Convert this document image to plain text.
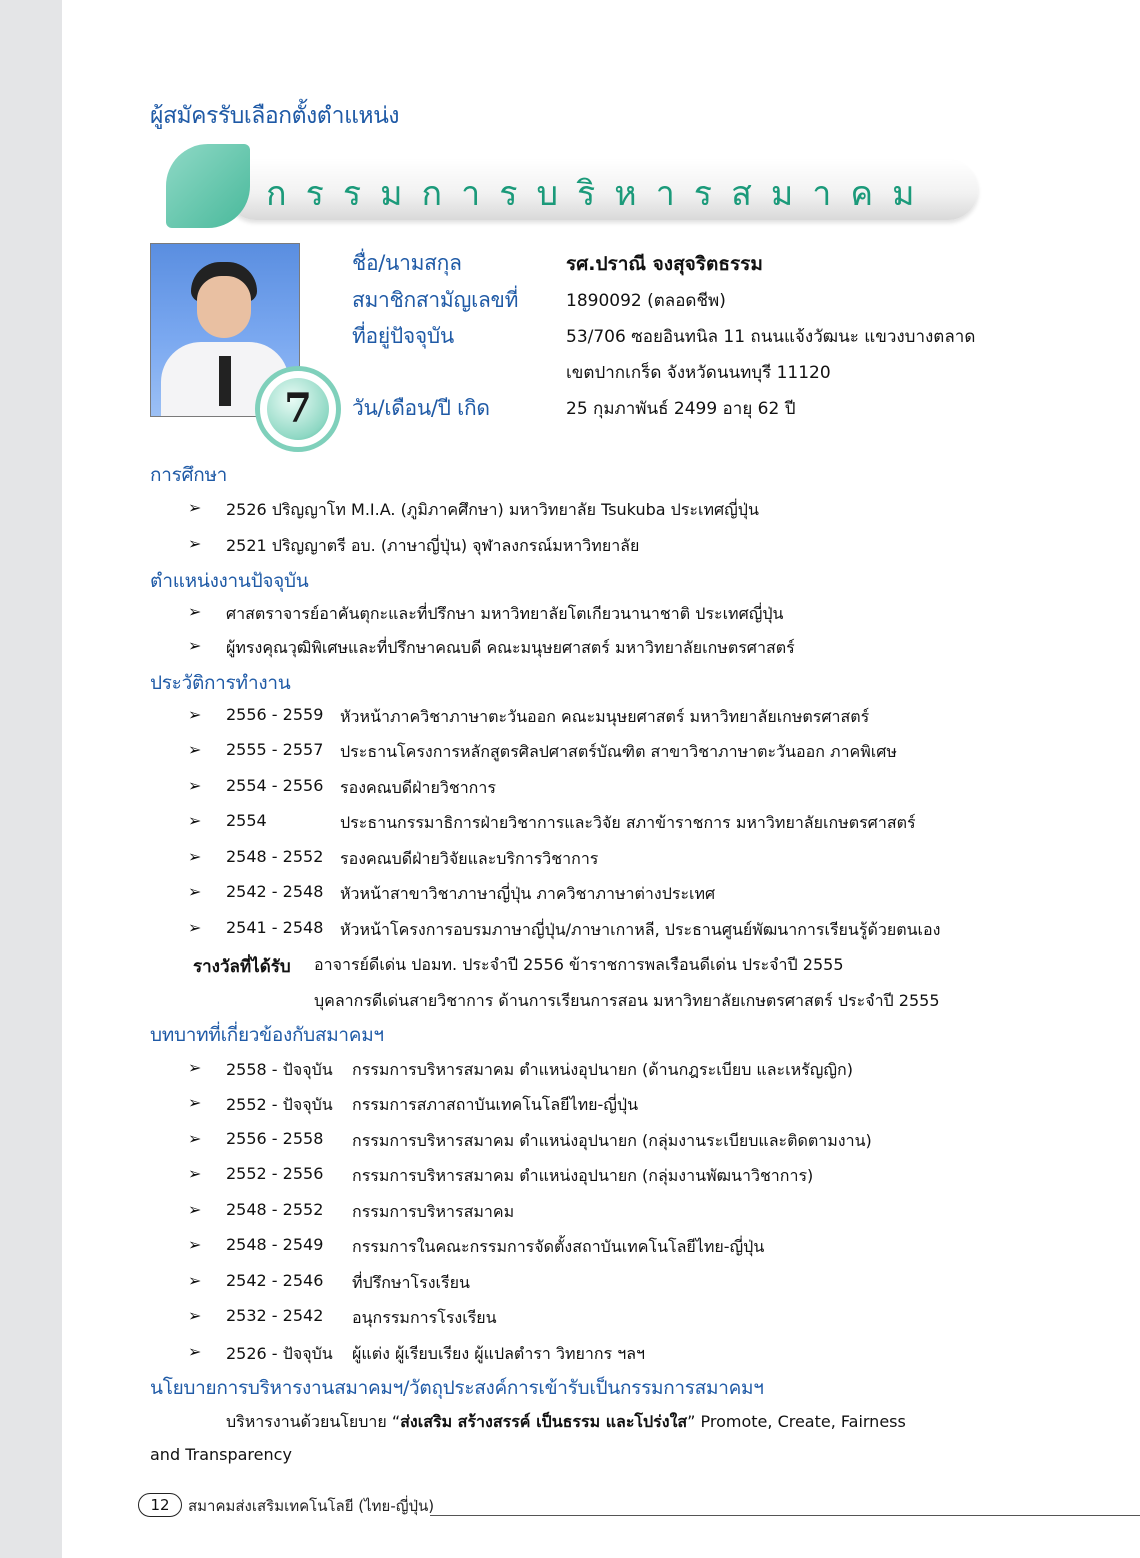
ผู้สมัครรับเลือกตั้งตำแหน่ง
กรรมการบริหารสมาคม
7
ชื่อ/นามสกุล	รศ.ปราณี จงสุจริตธรรม
สมาชิกสามัญเลขที่	1890092 (ตลอดชีพ)
ที่อยู่ปัจจุบัน	53/706 ซอยอินทนิล 11 ถนนแจ้งวัฒนะ แขวงบางตลาด
เขตปากเกร็ด จังหวัดนนทบุรี 11120
วัน/เดือน/ปี เกิด	25 กุมภาพันธ์ 2499 อายุ 62 ปี
การศึกษา
➢ 2526 ปริญญาโท M.I.A. (ภูมิภาคศึกษา) มหาวิทยาลัย Tsukuba ประเทศญี่ปุ่น
➢ 2521 ปริญญาตรี อบ. (ภาษาญี่ปุ่น) จุฬาลงกรณ์มหาวิทยาลัย
ตำแหน่งงานปัจจุบัน
➢ ศาสตราจารย์อาคันตุกะและที่ปรึกษา มหาวิทยาลัยโตเกียวนานาชาติ ประเทศญี่ปุ่น
➢ ผู้ทรงคุณวุฒิพิเศษและที่ปรึกษาคณบดี คณะมนุษยศาสตร์ มหาวิทยาลัยเกษตรศาสตร์
ประวัติการทำงาน
➢ 2556 - 2559 หัวหน้าภาควิชาภาษาตะวันออก คณะมนุษยศาสตร์ มหาวิทยาลัยเกษตรศาสตร์
➢ 2555 - 2557 ประธานโครงการหลักสูตรศิลปศาสตร์บัณฑิต สาขาวิชาภาษาตะวันออก ภาคพิเศษ
➢ 2554 - 2556 รองคณบดีฝ่ายวิชาการ
➢ 2554	ประธานกรรมาธิการฝ่ายวิชาการและวิจัย สภาข้าราชการ มหาวิทยาลัยเกษตรศาสตร์
➢ 2548 - 2552 รองคณบดีฝ่ายวิจัยและบริการวิชาการ
➢ 2542 - 2548 หัวหน้าสาขาวิชาภาษาญี่ปุ่น ภาควิชาภาษาต่างประเทศ
➢ 2541 - 2548 หัวหน้าโครงการอบรมภาษาญี่ปุ่น/ภาษาเกาหลี, ประธานศูนย์พัฒนาการเรียนรู้ด้วยตนเอง
รางวัลที่ได้รับ อาจารย์ดีเด่น ปอมท. ประจำปี 2556 ข้าราชการพลเรือนดีเด่น ประจำปี 2555
บุคลากรดีเด่นสายวิชาการ ด้านการเรียนการสอน มหาวิทยาลัยเกษตรศาสตร์ ประจำปี 2555
บทบาทที่เกี่ยวข้องกับสมาคมฯ
➢ 2558 - ปัจจุบัน กรรมการบริหารสมาคม ตำแหน่งอุปนายก (ด้านกฎระเบียบ และเหรัญญิก)
➢ 2552 - ปัจจุบัน กรรมการสภาสถาบันเทคโนโลยีไทย-ญี่ปุ่น
➢ 2556 - 2558 กรรมการบริหารสมาคม ตำแหน่งอุปนายก (กลุ่มงานระเบียบและติดตามงาน)
➢ 2552 - 2556 กรรมการบริหารสมาคม ตำแหน่งอุปนายก (กลุ่มงานพัฒนาวิชาการ)
➢ 2548 - 2552 กรรมการบริหารสมาคม
➢ 2548 - 2549 กรรมการในคณะกรรมการจัดตั้งสถาบันเทคโนโลยีไทย-ญี่ปุ่น
➢ 2542 - 2546 ที่ปรึกษาโรงเรียน
➢ 2532 - 2542 อนุกรรมการโรงเรียน
➢ 2526 - ปัจจุบัน ผู้แต่ง ผู้เรียบเรียง ผู้แปลตำรา วิทยากร ฯลฯ
นโยบายการบริหารงานสมาคมฯ/วัตถุประสงค์การเข้ารับเป็นกรรมการสมาคมฯ
บริหารงานด้วยนโยบาย “ส่งเสริม สร้างสรรค์ เป็นธรรม และโปร่งใส” Promote, Create, Fairness
and Transparency
12	สมาคมส่งเสริมเทคโนโลยี (ไทย-ญี่ปุ่น)
